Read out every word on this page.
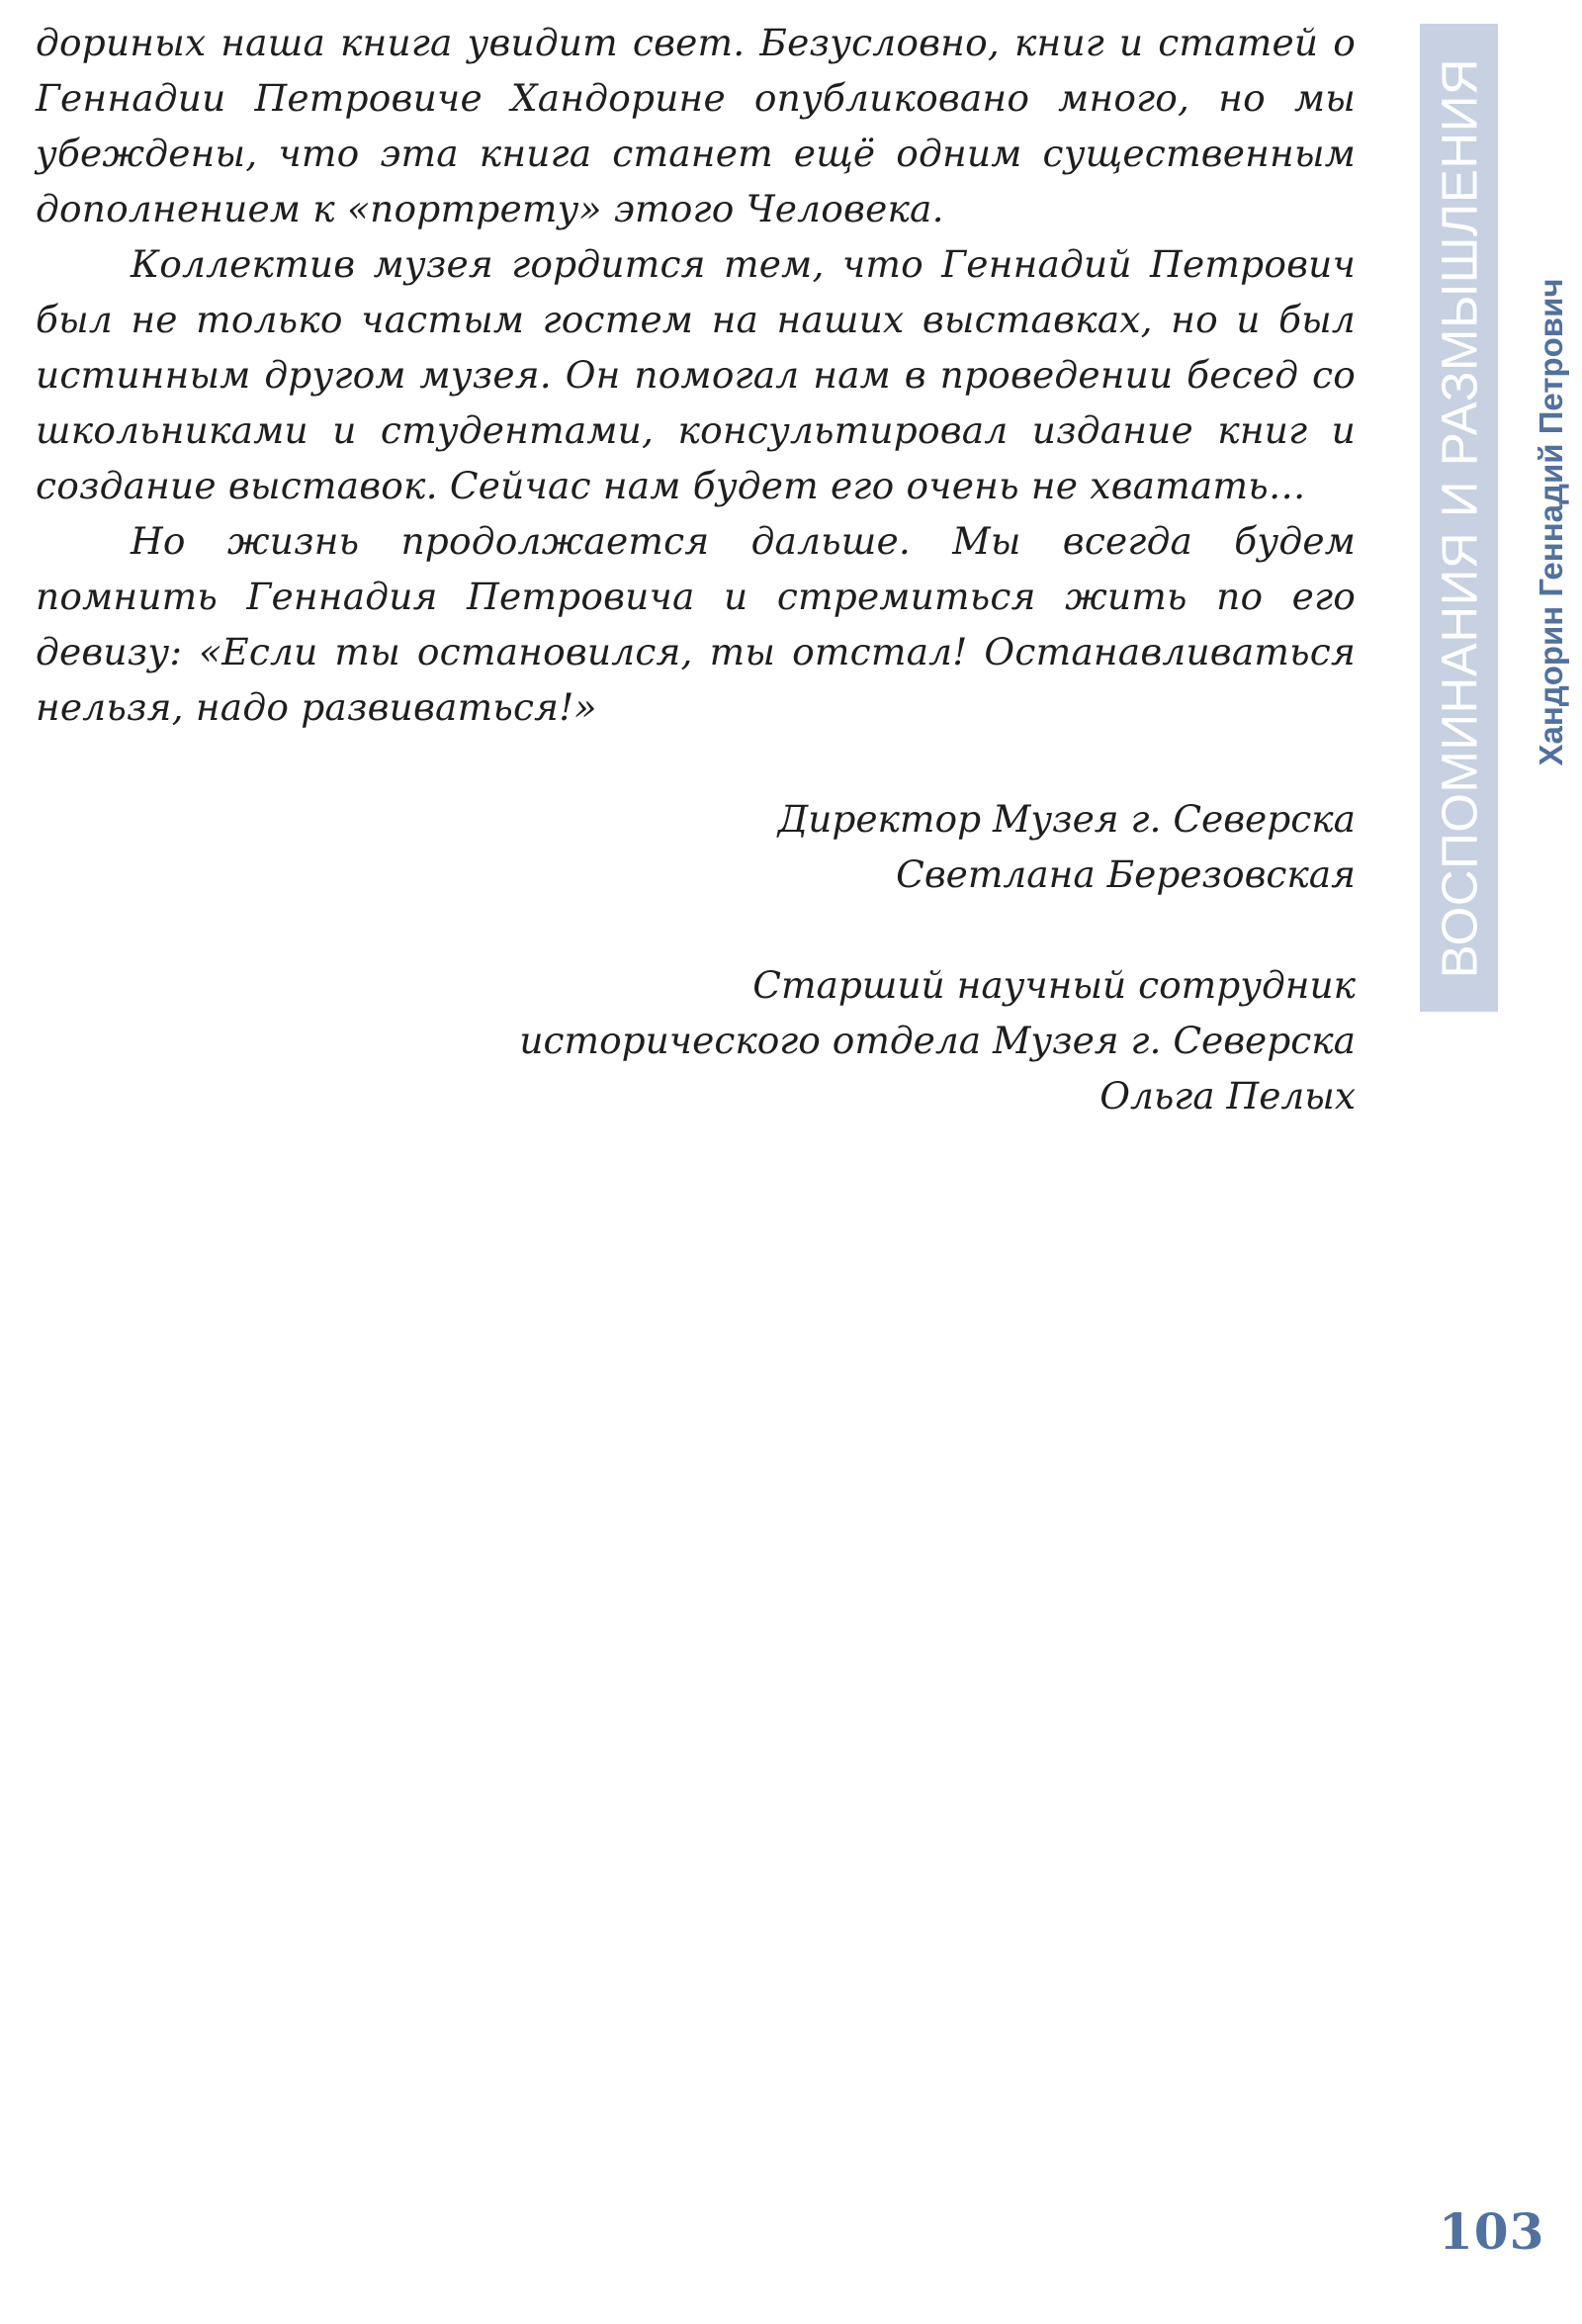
дориных наша книга увидит свет. Безусловно, книг и статей о Геннадии Петровиче Хандорине опубликовано много, но мы убеждены, что эта книга станет ещё одним существенным дополнением к «портрету» этого Человека.

Коллектив музея гордится тем, что Геннадий Петрович был не только частым гостем на наших выставках, но и был истинным другом музея. Он помогал нам в проведении бесед со школьниками и студентами, консультировал издание книг и создание выставок. Сейчас нам будет его очень не хватать…

Но жизнь продолжается дальше. Мы всегда будем помнить Геннадия Петровича и стремиться жить по его девизу: «Если ты остановился, ты отстал! Останавливаться нельзя, надо развиваться!»

Директор Музея г. Северска
Светлана Березовская
Старший научный сотрудник
исторического отдела Музея г. Северска
Ольга Пелых
ВОСПОМИНАНИЯ И РАЗМЫШЛЕНИЯ Хандорин Геннадий Петрович
103
